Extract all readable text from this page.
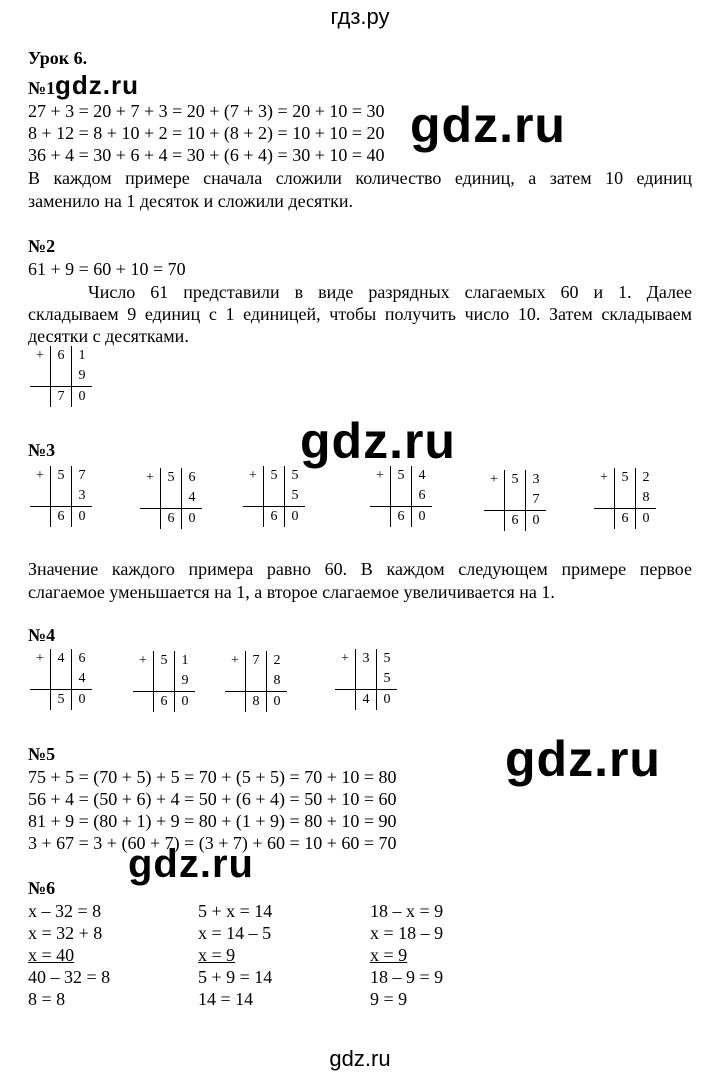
гдз.ру
gdz.ru
gdz.ru
gdz.ru
gdz.ru
gdz.ru
gdz.ru
Урок 6.
№1
27 + 3 = 20 + 7 + 3 = 20 + (7 + 3) = 20 + 10 = 30
8 + 12 = 8 + 10 + 2 = 10 + (8 + 2) = 10 + 10 = 20
36 + 4 = 30 + 6 + 4 = 30 + (6 + 4) = 30 + 10 = 40
В каждом примере сначала сложили количество единиц, а затем 10 единиц
заменило на 1 десяток и сложили десятки.
№2
61 + 9 = 60 + 10 = 70
Число 61 представили в виде разрядных слагаемых 60 и 1. Далее
складываем 9 единиц с 1 единицей, чтобы получить число 10. Затем складываем
десятки с десятками.
+	6	1
		9
	7	0
№3
+	5	7
		3
	6	0
+	5	6
		4
	6	0
+	5	5
		5
	6	0
+	5	4
		6
	6	0
+	5	3
		7
	6	0
+	5	2
		8
	6	0
Значение каждого примера равно 60. В каждом следующем примере первое
слагаемое уменьшается на 1, а второе слагаемое увеличивается на 1.
№4
+	4	6
		4
	5	0
+	5	1
		9
	6	0
+	7	2
		8
	8	0
+	3	5
		5
	4	0
№5
75 + 5 = (70 + 5) + 5 = 70 + (5 + 5) = 70 + 10 = 80
56 + 4 = (50 + 6) + 4 = 50 + (6 + 4) = 50 + 10 = 60
81 + 9 = (80 + 1) + 9 = 80 + (1 + 9) = 80 + 10 = 90
3 + 67 = 3 + (60 + 7) = (3 + 7) + 60 = 10 + 60 = 70
№6
x – 32 = 8
x = 32 + 8
x = 40
40 – 32 = 8
8 = 8
5 + x = 14
x = 14 – 5
x = 9
5 + 9 = 14
14 = 14
18 – x = 9
x = 18 – 9
x = 9
18 – 9 = 9
9 = 9
